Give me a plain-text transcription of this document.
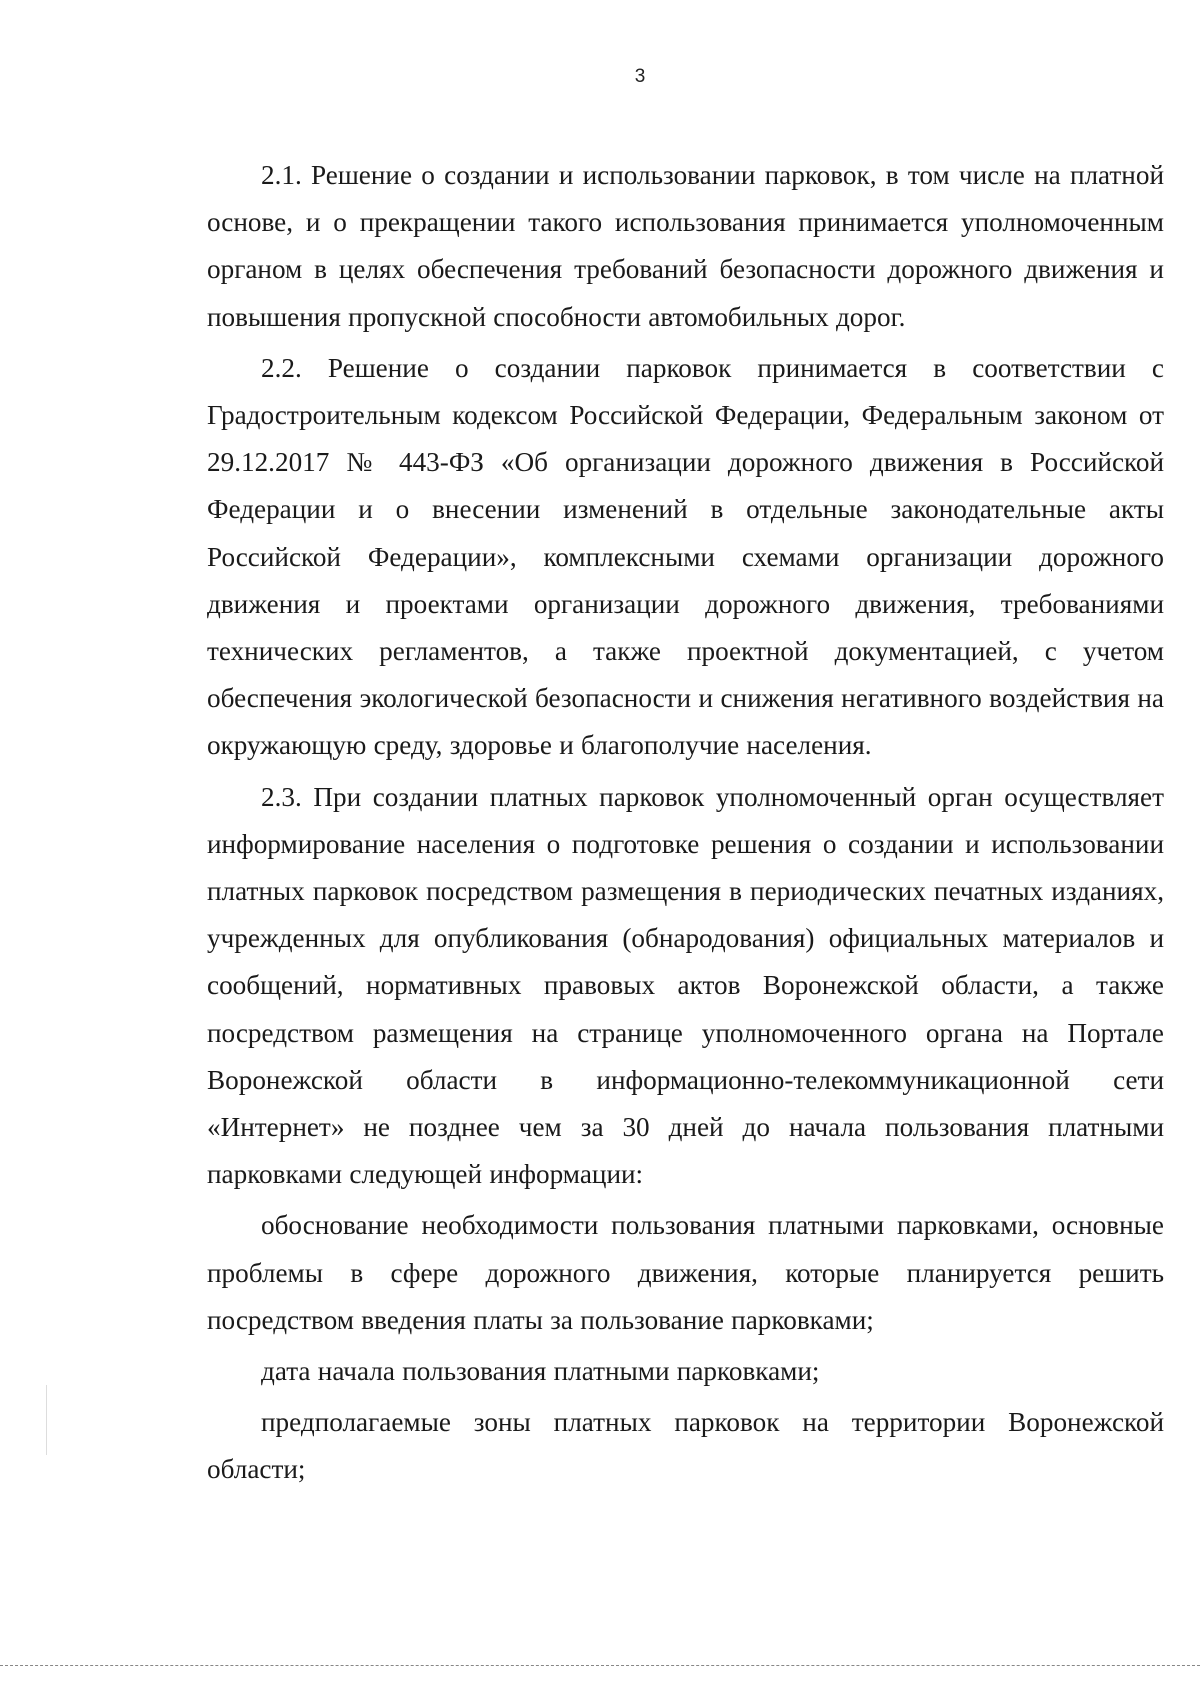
3

2.1. Решение о создании и использовании парковок, в том числе на платной основе, и о прекращении такого использования принимается уполномоченным органом в целях обеспечения требований безопасности дорожного движения и повышения пропускной способности автомобильных дорог.

2.2. Решение о создании парковок принимается в соответствии с Градостроительным кодексом Российской Федерации, Федеральным законом от 29.12.2017 № 443-ФЗ «Об организации дорожного движения в Российской Федерации и о внесении изменений в отдельные законодательные акты Российской Федерации», комплексными схемами организации дорожного движения и проектами организации дорожного движения, требованиями технических регламентов, а также проектной документацией, с учетом обеспечения экологической безопасности и снижения негативного воздействия на окружающую среду, здоровье и благополучие населения.

2.3. При создании платных парковок уполномоченный орган осуществляет информирование населения о подготовке решения о создании и использовании платных парковок посредством размещения в периодических печатных изданиях, учрежденных для опубликования (обнародования) официальных материалов и сообщений, нормативных правовых актов Воронежской области, а также посредством размещения на странице уполномоченного органа на Портале Воронежской области в информационно-телекоммуникационной сети «Интернет» не позднее чем за 30 дней до начала пользования платными парковками следующей информации:

обоснование необходимости пользования платными парковками, основные проблемы в сфере дорожного движения, которые планируется решить посредством введения платы за пользование парковками;

дата начала пользования платными парковками;

предполагаемые зоны платных парковок на территории Воронежской области;
